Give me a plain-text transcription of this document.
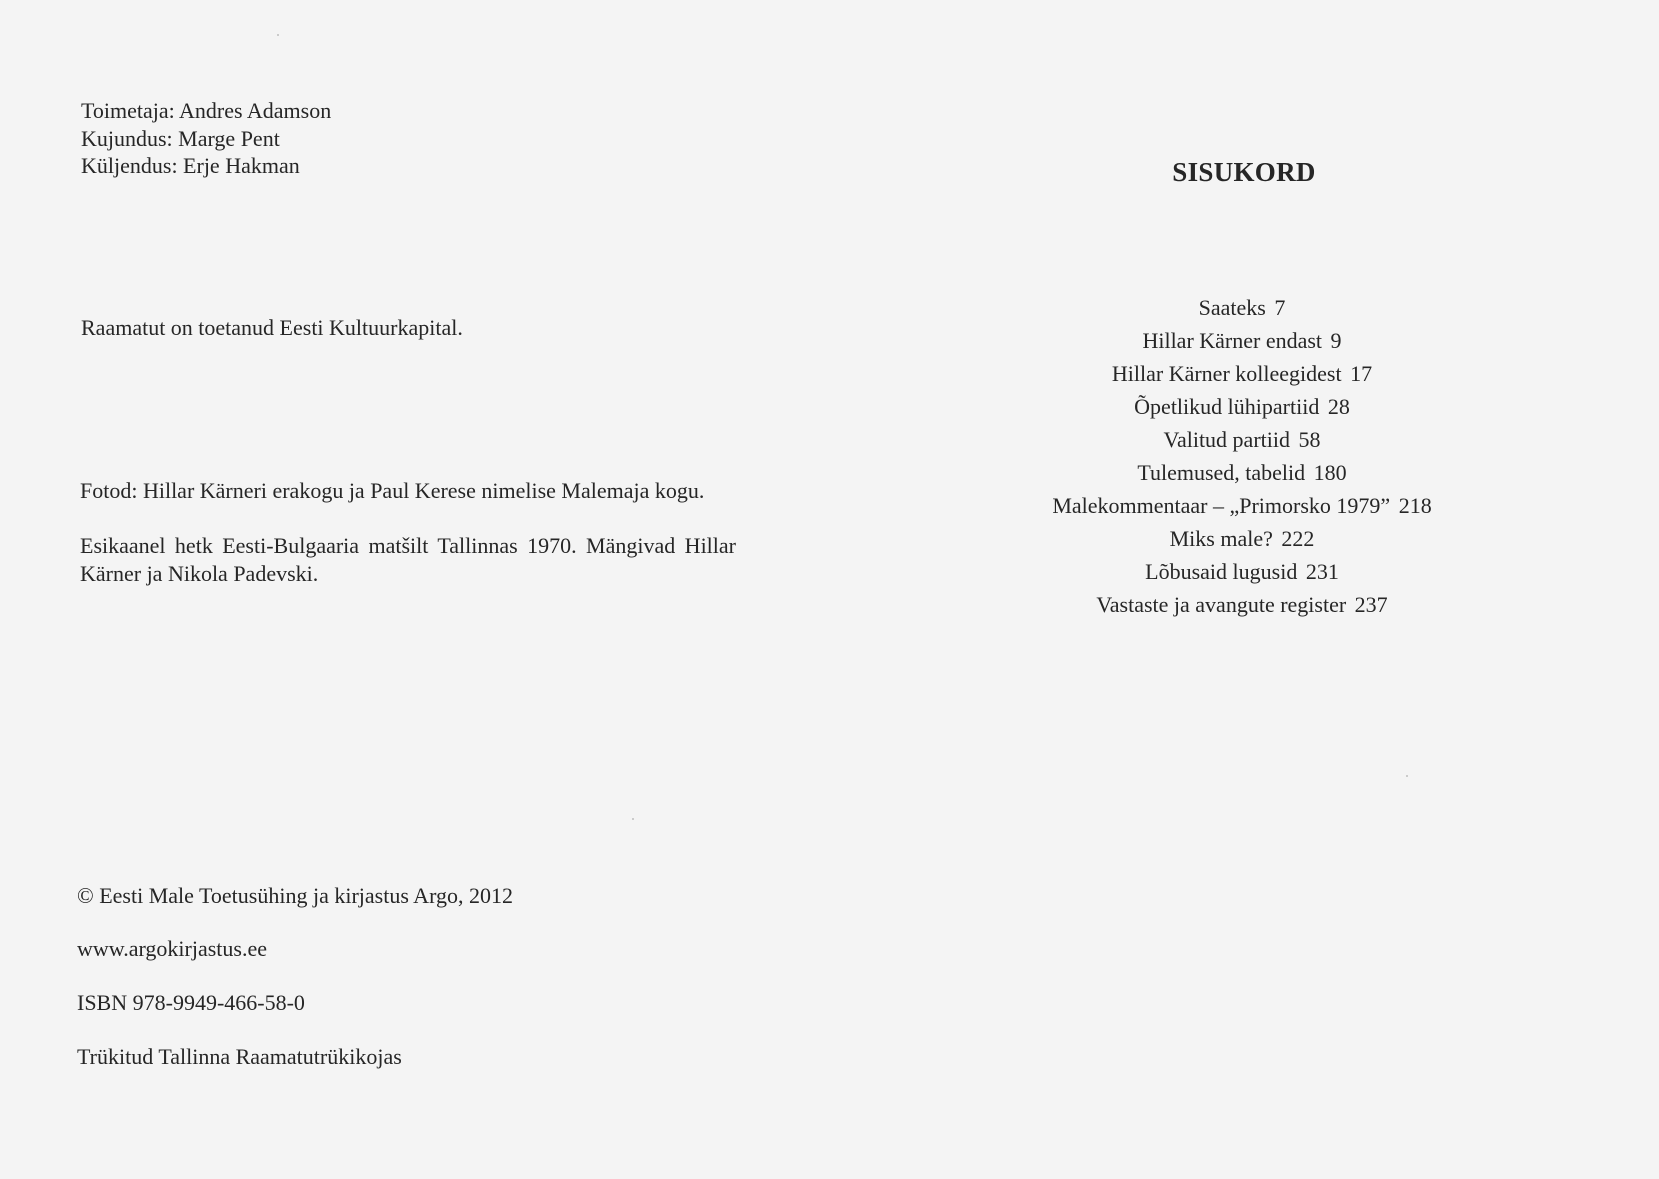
Toimetaja: Andres Adamson
Kujundus: Marge Pent
Küljendus: Erje Hakman
Raamatut on toetanud Eesti Kultuurkapital.
Fotod: Hillar Kärneri erakogu ja Paul Kerese nimelise Malemaja kogu.
Esikaanel hetk Eesti-Bulgaaria matšilt Tallinnas 1970. Mängivad Hillar
Kärner ja Nikola Padevski.
© Eesti Male Toetusühing ja kirjastus Argo, 2012
www.argokirjastus.ee
ISBN 978-9949-466-58-0
Trükitud Tallinna Raamatutrükikojas
SISUKORD
Saateks 7
Hillar Kärner endast 9
Hillar Kärner kolleegidest 17
Õpetlikud lühipartiid 28
Valitud partiid 58
Tulemused, tabelid 180
Malekommentaar – „Primorsko 1979” 218
Miks male? 222
Lõbusaid lugusid 231
Vastaste ja avangute register 237
